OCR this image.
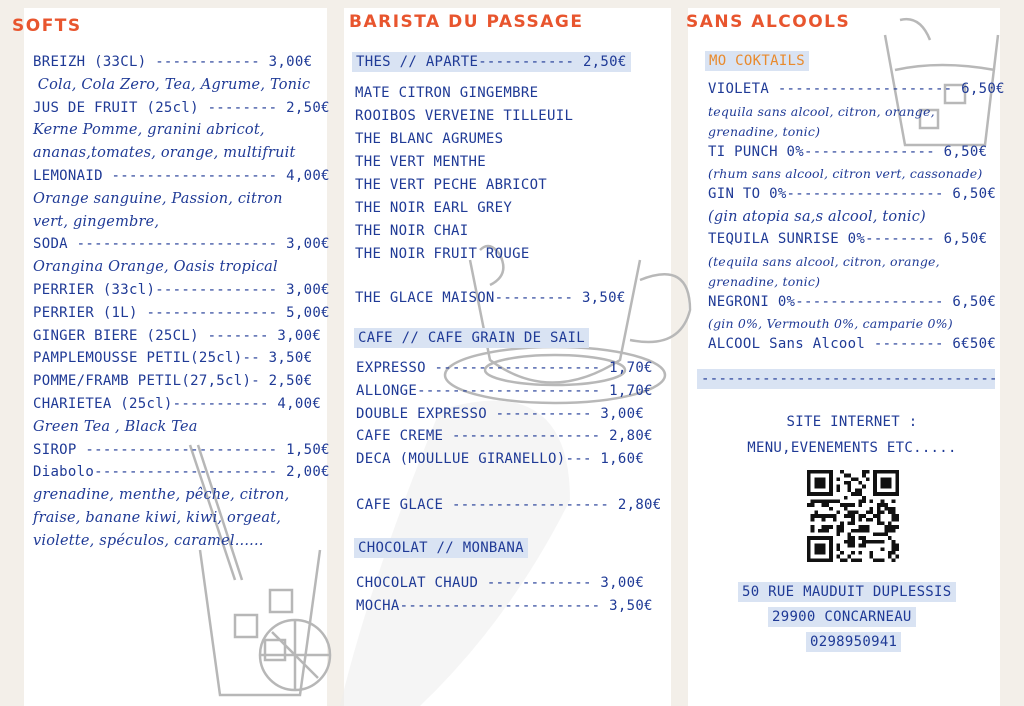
SOFTS
BREIZH (33CL) ------------ 3,00€
Cola, Cola Zero, Tea, Agrume, Tonic
JUS DE FRUIT (25cl) -------- 2,50€
Kerne Pomme, granini abricot,
ananas,tomates, orange, multifruit
LEMONAID ------------------- 4,00€
Orange sanguine, Passion, citron
vert, gingembre,
SODA ----------------------- 3,00€
Orangina Orange, Oasis tropical
PERRIER (33cl)-------------- 3,00€
PERRIER (1L) --------------- 5,00€
GINGER BIERE (25CL) ------- 3,00€
PAMPLEMOUSSE PETIL(25cl)-- 3,50€
POMME/FRAMB PETIL(27,5cl)- 2,50€
CHARIETEA (25cl)----------- 4,00€
Green Tea , Black Tea
SIROP ---------------------- 1,50€
Diabolo--------------------- 2,00€
grenadine, menthe, pêche, citron,
fraise, banane kiwi, kiwi, orgeat,
violette, spéculos, caramel......
BARISTA DU PASSAGE
THES // APARTE----------- 2,50€
MATE CITRON GINGEMBRE
ROOIBOS VERVEINE TILLEUIL
THE BLANC AGRUMES
THE VERT MENTHE
THE VERT PECHE ABRICOT
THE NOIR EARL GREY
THE NOIR CHAI
THE NOIR FRUIT ROUGE
THE GLACE MAISON--------- 3,50€
CAFE // CAFE GRAIN DE SAIL
EXPRESSO ------------------- 1,70€
ALLONGE--------------------- 1,70€
DOUBLE EXPRESSO ----------- 3,00€
CAFE CREME ----------------- 2,80€
DECA (MOULLUE GIRANELLO)--- 1,60€
CAFE GLACE ------------------ 2,80€
CHOCOLAT // MONBANA
CHOCOLAT CHAUD ------------ 3,00€
MOCHA----------------------- 3,50€
SANS ALCOOLS
MO COKTAILS
VIOLETA -------------------- 6,50€
tequila sans alcool, citron, orange,
grenadine, tonic)
TI PUNCH 0%--------------- 6,50€
(rhum sans alcool, citron vert, cassonade)
GIN TO 0%------------------ 6,50€
(gin atopia sa,s alcool, tonic)
TEQUILA SUNRISE 0%-------- 6,50€
(tequila sans alcool, citron, orange,
grenadine, tonic)
NEGRONI 0%----------------- 6,50€
(gin 0%, Vermouth 0%, camparie 0%)
ALCOOL Sans Alcool -------- 6€50€
----------------------------------
SITE INTERNET :
MENU,EVENEMENTS ETC.....
50 RUE MAUDUIT DUPLESSIS
29900 CONCARNEAU
0298950941
